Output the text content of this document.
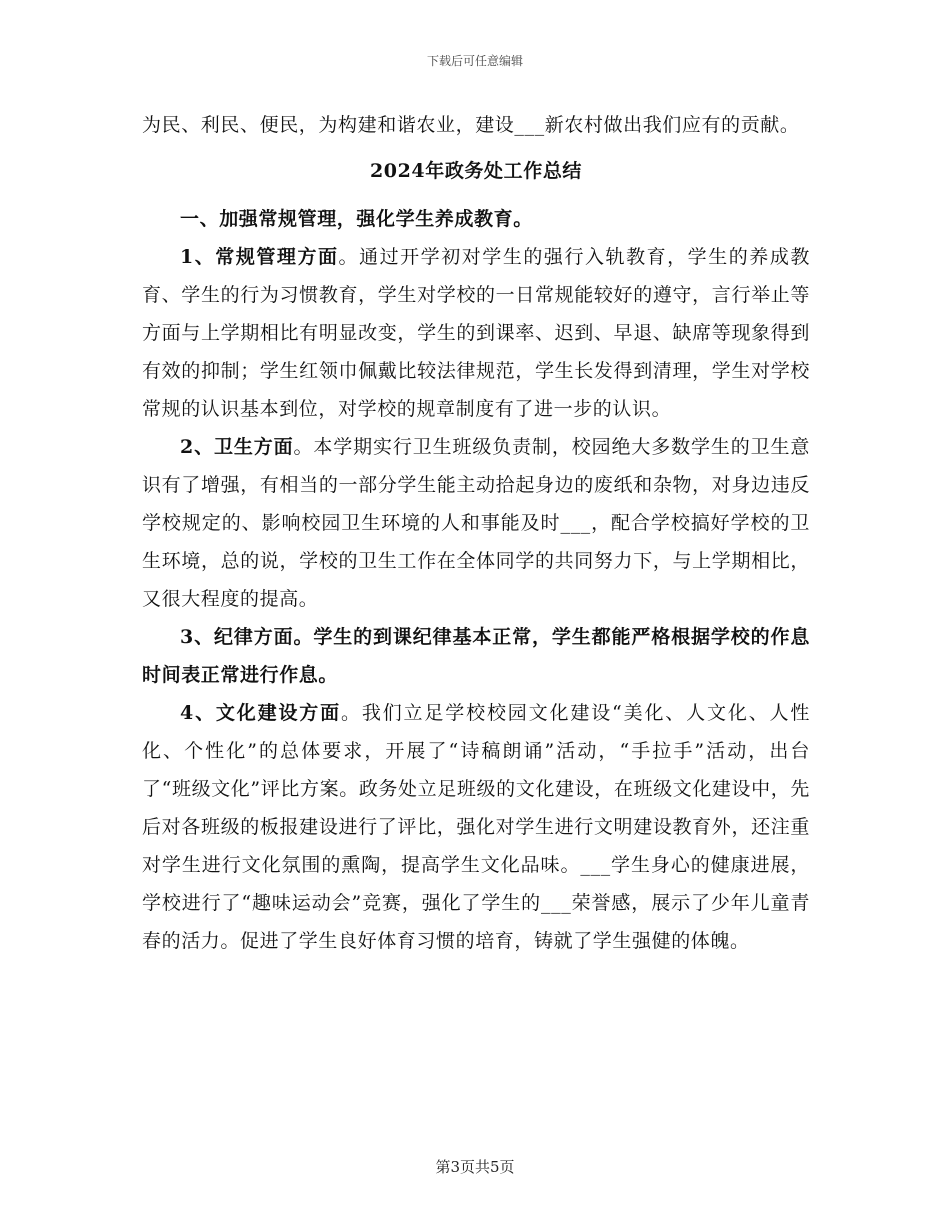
下载后可任意编辑

为民、利民、便民，为构建和谐农业，建设___新农村做出我们应有的贡献。

2024年政务处工作总结

一、加强常规管理，强化学生养成教育。

1、常规管理方面。通过开学初对学生的强行入轨教育，学生的养成教育、学生的行为习惯教育，学生对学校的一日常规能较好的遵守，言行举止等方面与上学期相比有明显改变，学生的到课率、迟到、早退、缺席等现象得到有效的抑制；学生红领巾佩戴比较法律规范，学生长发得到清理，学生对学校常规的认识基本到位，对学校的规章制度有了进一步的认识。

2、卫生方面。本学期实行卫生班级负责制，校园绝大多数学生的卫生意识有了增强，有相当的一部分学生能主动拾起身边的废纸和杂物，对身边违反学校规定的、影响校园卫生环境的人和事能及时___，配合学校搞好学校的卫生环境，总的说，学校的卫生工作在全体同学的共同努力下，与上学期相比，又很大程度的提高。

3、纪律方面。学生的到课纪律基本正常，学生都能严格根据学校的作息时间表正常进行作息。

4、文化建设方面。我们立足学校校园文化建设“美化、人文化、人性化、个性化”的总体要求，开展了“诗稿朗诵”活动，“手拉手”活动，出台了“班级文化”评比方案。政务处立足班级的文化建设，在班级文化建设中，先后对各班级的板报建设进行了评比，强化对学生进行文明建设教育外，还注重对学生进行文化氛围的熏陶，提高学生文化品味。___学生身心的健康进展，学校进行了“趣味运动会”竞赛，强化了学生的___荣誉感，展示了少年儿童青春的活力。促进了学生良好体育习惯的培育，铸就了学生强健的体魄。

第3页共5页
